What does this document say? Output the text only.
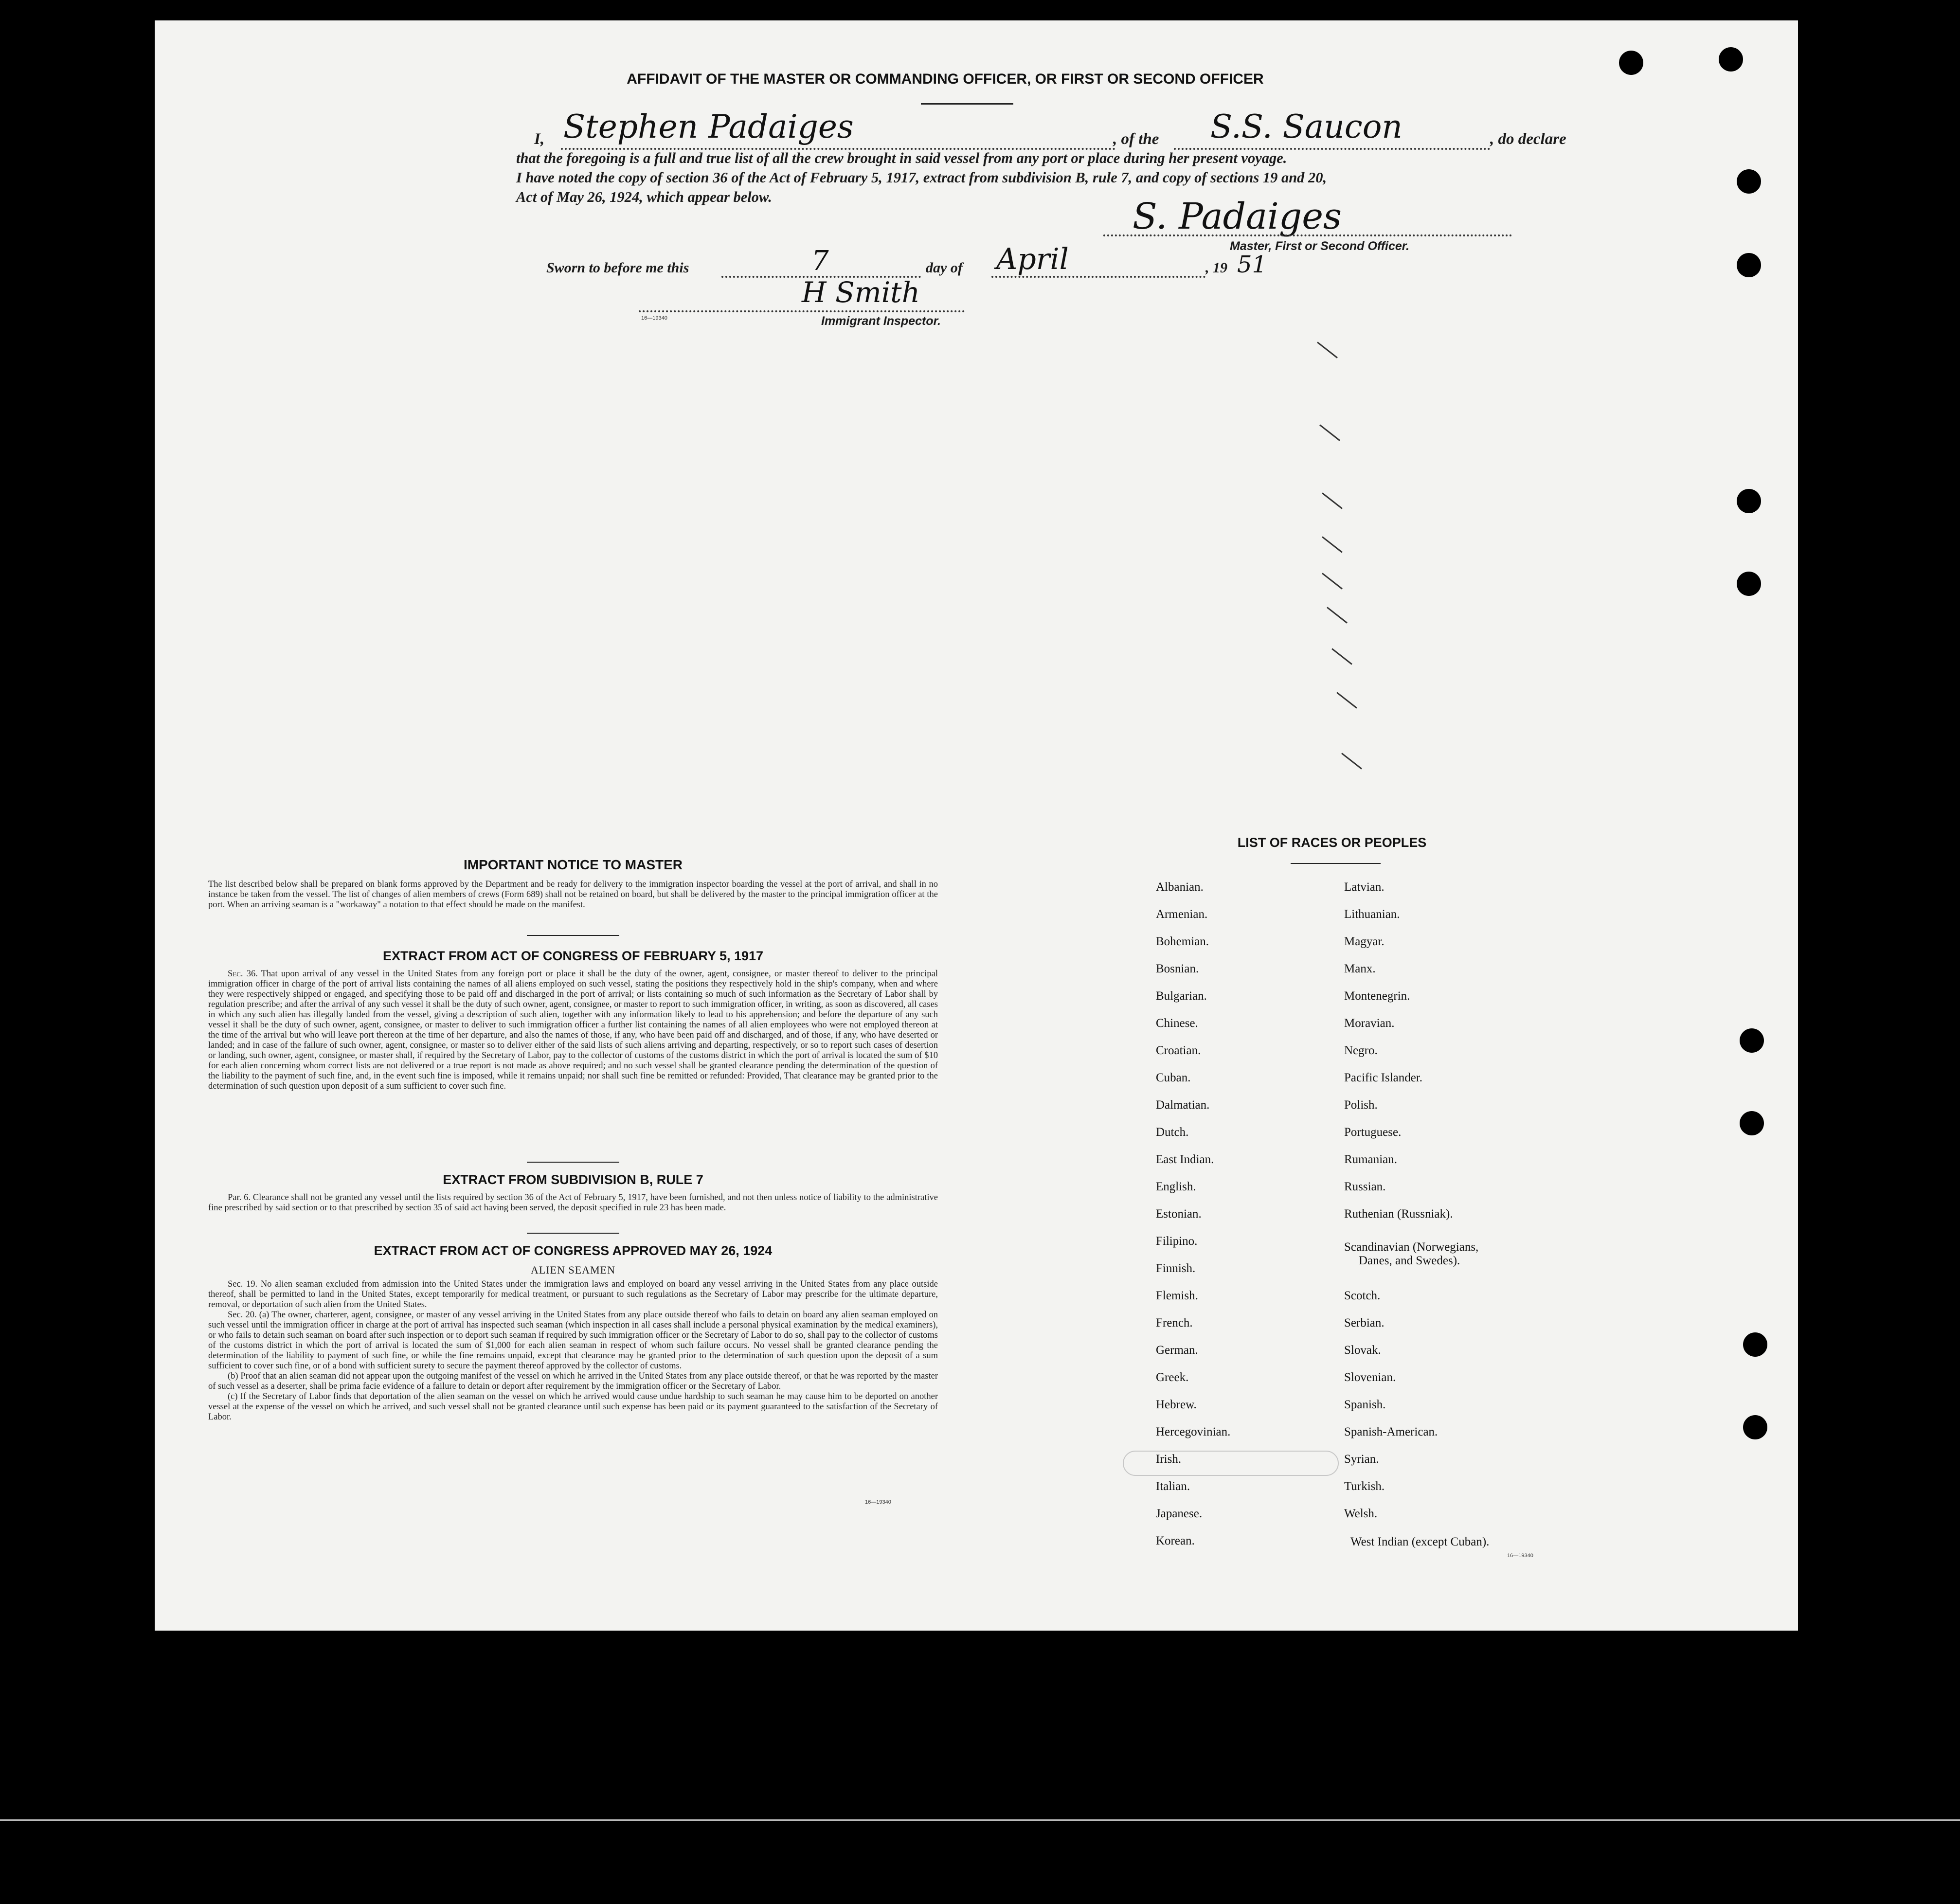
AFFIDAVIT OF THE MASTER OR COMMANDING OFFICER, OR FIRST OR SECOND OFFICER
I, Stephen Padaiges	, of the S.S. Saucon	, do declare
that the foregoing is a full and true list of all the crew brought in said vessel from any port or place during her present voyage.
I have noted the copy of section 36 of the Act of February 5, 1917, extract from subdivision B, rule 7, and copy of sections 19 and 20,
Act of May 26, 1924, which appear below.	S. Padaiges
Master, First or Second Officer.
Sworn to before me this	7	day of April	, 19 51
H Smith
16—19340	Immigrant Inspector.
IMPORTANT NOTICE TO MASTER
The list described below shall be prepared on blank forms approved by the Department and be ready for delivery to the immigration inspector boarding the vessel at the port of arrival, and shall in no instance be taken from the vessel. The list of changes of alien members of crews (Form 689) shall not be retained on board, but shall be delivered by the master to the principal immigration officer at the port. When an arriving seaman is a "workaway" a notation to that effect should be made on the manifest.
EXTRACT FROM ACT OF CONGRESS OF FEBRUARY 5, 1917
Sec. 36. That upon arrival of any vessel in the United States from any foreign port or place it shall be the duty of the owner, agent, consignee, or master thereof to deliver to the principal immigration officer in charge of the port of arrival lists containing the names of all aliens employed on such vessel, stating the positions they respectively hold in the ship's company, when and where they were respectively shipped or engaged, and specifying those to be paid off and discharged in the port of arrival; or lists containing so much of such information as the Secretary of Labor shall by regulation prescribe; and after the arrival of any such vessel it shall be the duty of such owner, agent, consignee, or master to report to such immigration officer, in writing, as soon as discovered, all cases in which any such alien has illegally landed from the vessel, giving a description of such alien, together with any information likely to lead to his apprehension; and before the departure of any such vessel it shall be the duty of such owner, agent, consignee, or master to deliver to such immigration officer a further list containing the names of all alien employees who were not employed thereon at the time of the arrival but who will leave port thereon at the time of her departure, and also the names of those, if any, who have been paid off and discharged, and of those, if any, who have deserted or landed; and in case of the failure of such owner, agent, consignee, or master so to deliver either of the said lists of such aliens arriving and departing, respectively, or so to report such cases of desertion or landing, such owner, agent, consignee, or master shall, if required by the Secretary of Labor, pay to the collector of customs of the customs district in which the port of arrival is located the sum of $10 for each alien concerning whom correct lists are not delivered or a true report is not made as above required; and no such vessel shall be granted clearance pending the determination of the question of the liability to the payment of such fine, and, in the event such fine is imposed, while it remains unpaid; nor shall such fine be remitted or refunded: Provided, That clearance may be granted prior to the determination of such question upon deposit of a sum sufficient to cover such fine.
EXTRACT FROM SUBDIVISION B, RULE 7
Par. 6. Clearance shall not be granted any vessel until the lists required by section 36 of the Act of February 5, 1917, have been furnished, and not then unless notice of liability to the administrative fine prescribed by said section or to that prescribed by section 35 of said act having been served, the deposit specified in rule 23 has been made.
EXTRACT FROM ACT OF CONGRESS APPROVED MAY 26, 1924
ALIEN SEAMEN
Sec. 19. No alien seaman excluded from admission into the United States under the immigration laws and employed on board any vessel arriving in the United States from any place outside thereof, shall be permitted to land in the United States, except temporarily for medical treatment, or pursuant to such regulations as the Secretary of Labor may prescribe for the ultimate departure, removal, or deportation of such alien from the United States.
Sec. 20. (a) The owner, charterer, agent, consignee, or master of any vessel arriving in the United States from any place outside thereof who fails to detain on board any alien seaman employed on such vessel until the immigration officer in charge at the port of arrival has inspected such seaman (which inspection in all cases shall include a personal physical examination by the medical examiners), or who fails to detain such seaman on board after such inspection or to deport such seaman if required by such immigration officer or the Secretary of Labor to do so, shall pay to the collector of customs of the customs district in which the port of arrival is located the sum of $1,000 for each alien seaman in respect of whom such failure occurs. No vessel shall be granted clearance pending the determination of the liability to payment of such fine, or while the fine remains unpaid, except that clearance may be granted prior to the determination of such question upon the deposit of a sum sufficient to cover such fine, or of a bond with sufficient surety to secure the payment thereof approved by the collector of customs.
(b) Proof that an alien seaman did not appear upon the outgoing manifest of the vessel on which he arrived in the United States from any place outside thereof, or that he was reported by the master of such vessel as a deserter, shall be prima facie evidence of a failure to detain or deport after requirement by the immigration officer or the Secretary of Labor.
(c) If the Secretary of Labor finds that deportation of the alien seaman on the vessel on which he arrived would cause undue hardship to such seaman he may cause him to be deported on another vessel at the expense of the vessel on which he arrived, and such vessel shall not be granted clearance until such expense has been paid or its payment guaranteed to the satisfaction of the Secretary of Labor.
16—19340
LIST OF RACES OR PEOPLES
Albanian.
Armenian.
Bohemian.
Bosnian.
Bulgarian.
Chinese.
Croatian.
Cuban.
Dalmatian.
Dutch.
East Indian.
English.
Estonian.
Filipino.
Finnish.
Flemish.
French.
German.
Greek.
Hebrew.
Hercegovinian.
Irish.
Italian.
Japanese.
Korean.
Latvian.
Lithuanian.
Magyar.
Manx.
Montenegrin.
Moravian.
Negro.
Pacific Islander.
Polish.
Portuguese.
Rumanian.
Russian.
Ruthenian (Russniak).
Scandinavian (Norwegians,
Danes, and Swedes).
Scotch.
Serbian.
Slovak.
Slovenian.
Spanish.
Spanish-American.
Syrian.
Turkish.
Welsh.
West Indian (except Cuban).
16—19340
